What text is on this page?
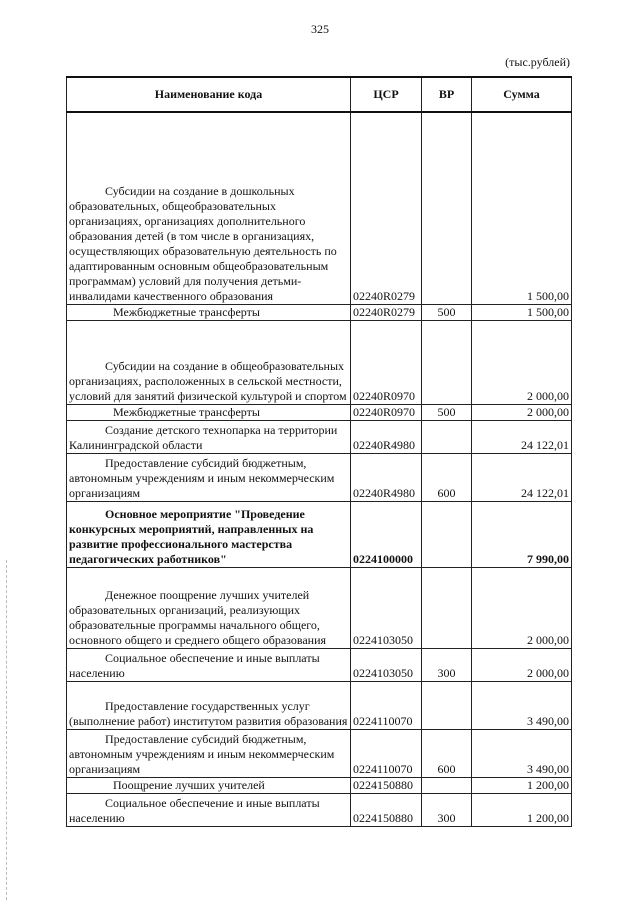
325
(тыс.рублей)
Наименование кода	ЦСР	ВР	Сумма
Субсидии на создание в дошкольных образовательных, общеобразовательных организациях, организациях дополнительного образования детей (в том числе в организациях, осуществляющих образовательную деятельность по адаптированным основным общеобразовательным программам) условий для получения детьми-инвалидами качественного образования	02240R0279		1 500,00
Межбюджетные трансферты	02240R0279	500	1 500,00
Субсидии на создание в общеобразовательных организациях, расположенных в сельской местности, условий для занятий физической культурой и спортом	02240R0970		2 000,00
Межбюджетные трансферты	02240R0970	500	2 000,00
Создание детского технопарка на территории Калининградской области	02240R4980		24 122,01
Предоставление субсидий бюджетным, автономным учреждениям и иным некоммерческим организациям	02240R4980	600	24 122,01
Основное мероприятие "Проведение конкурсных мероприятий, направленных на развитие профессионального мастерства педагогических работников"	0224100000		7 990,00
Денежное поощрение лучших учителей образовательных организаций, реализующих образовательные программы начального общего, основного общего и среднего общего образования	0224103050		2 000,00
Социальное обеспечение и иные выплаты населению	0224103050	300	2 000,00
Предоставление государственных услуг (выполнение работ) институтом развития образования	0224110070		3 490,00
Предоставление субсидий бюджетным, автономным учреждениям и иным некоммерческим организациям	0224110070	600	3 490,00
Поощрение лучших учителей	0224150880		1 200,00
Социальное обеспечение и иные выплаты населению	0224150880	300	1 200,00
